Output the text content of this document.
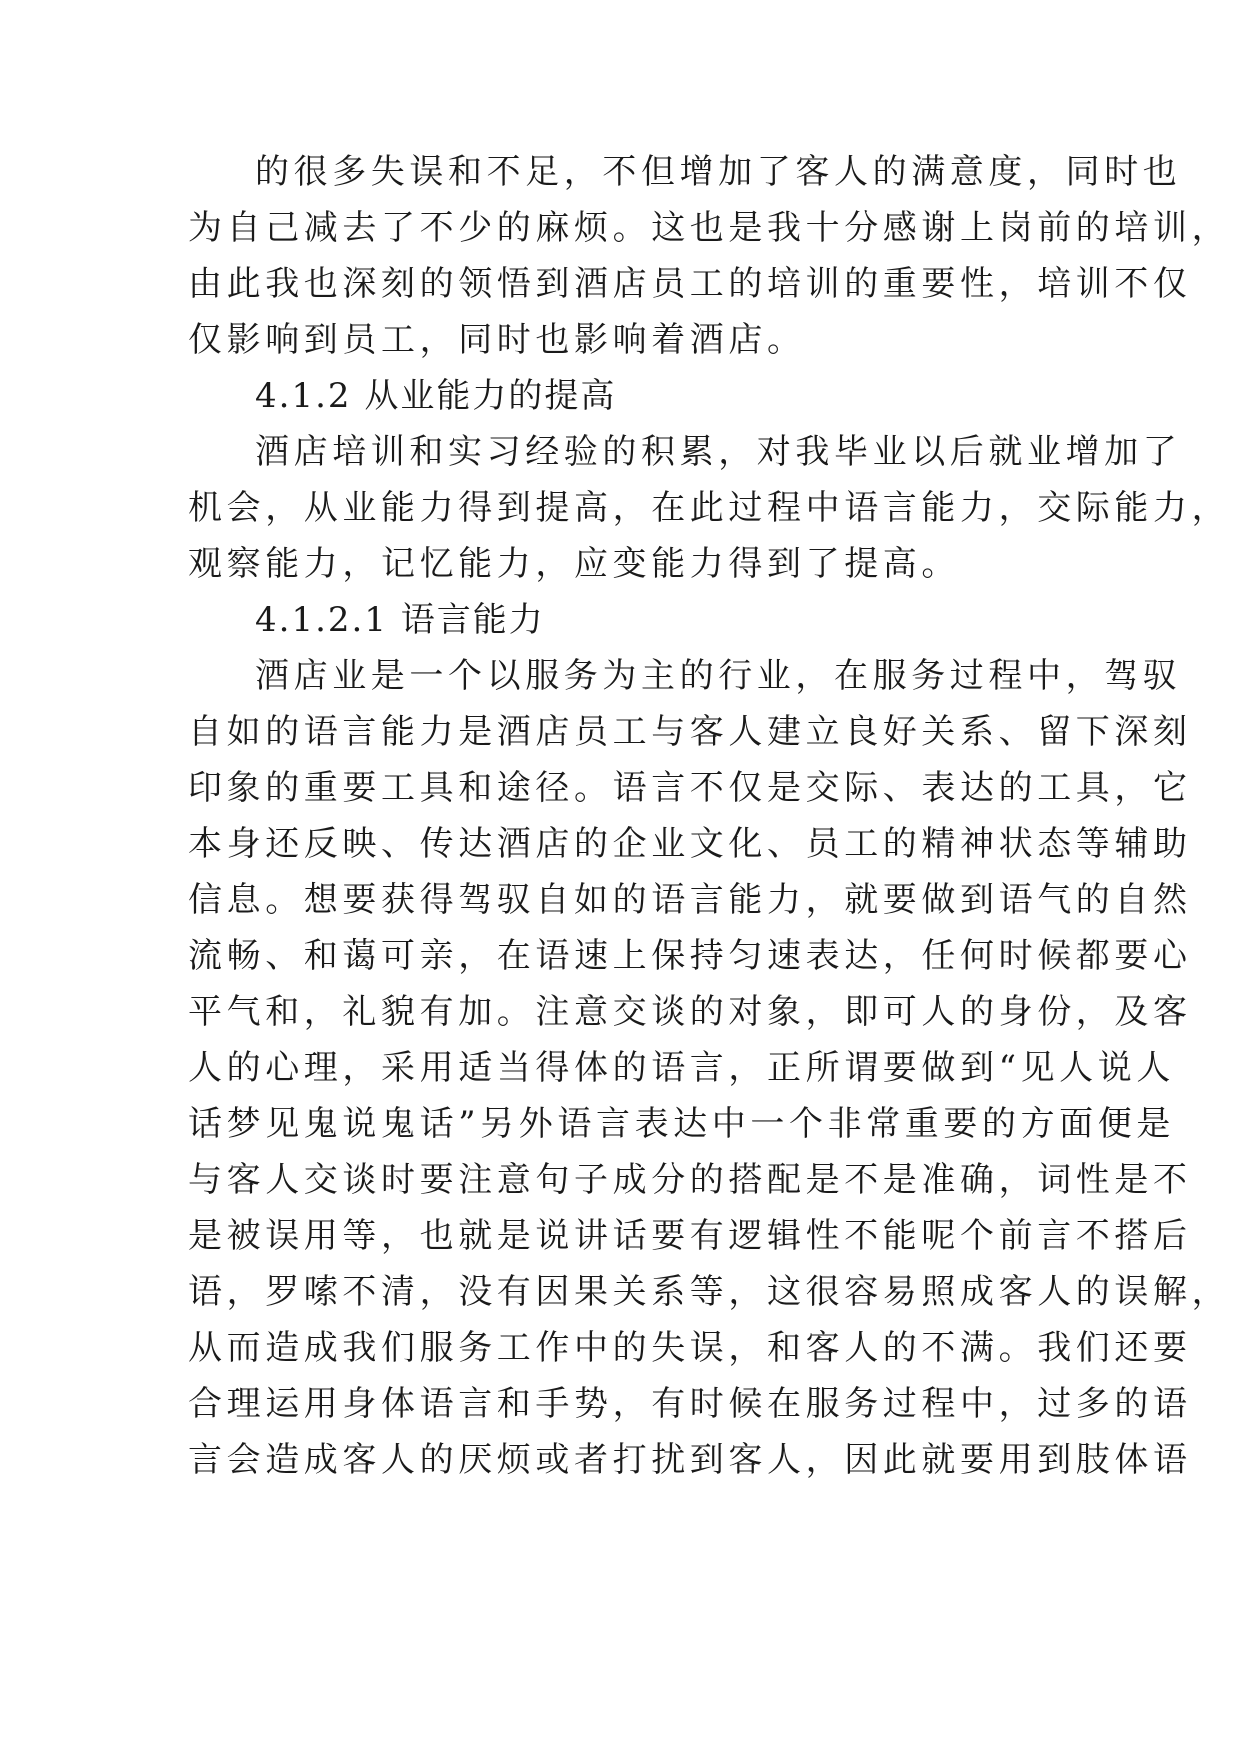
的很多失误和不足，不但增加了客人的满意度，同时也
为自己减去了不少的麻烦。这也是我十分感谢上岗前的培训，
由此我也深刻的领悟到酒店员工的培训的重要性，培训不仅
仅影响到员工，同时也影响着酒店。
4.1.2 从业能力的提高
酒店培训和实习经验的积累，对我毕业以后就业增加了
机会，从业能力得到提高，在此过程中语言能力，交际能力，
观察能力，记忆能力，应变能力得到了提高。
4.1.2.1 语言能力
酒店业是一个以服务为主的行业，在服务过程中，驾驭
自如的语言能力是酒店员工与客人建立良好关系、留下深刻
印象的重要工具和途径。语言不仅是交际、表达的工具，它
本身还反映、传达酒店的企业文化、员工的精神状态等辅助
信息。想要获得驾驭自如的语言能力，就要做到语气的自然
流畅、和蔼可亲，在语速上保持匀速表达，任何时候都要心
平气和，礼貌有加。注意交谈的对象，即可人的身份，及客
人的心理，采用适当得体的语言，正所谓要做到“见人说人
话梦见鬼说鬼话”另外语言表达中一个非常重要的方面便是
与客人交谈时要注意句子成分的搭配是不是准确，词性是不
是被误用等，也就是说讲话要有逻辑性不能呢个前言不搭后
语，罗嗦不清，没有因果关系等，这很容易照成客人的误解，
从而造成我们服务工作中的失误，和客人的不满。我们还要
合理运用身体语言和手势，有时候在服务过程中，过多的语
言会造成客人的厌烦或者打扰到客人，因此就要用到肢体语
